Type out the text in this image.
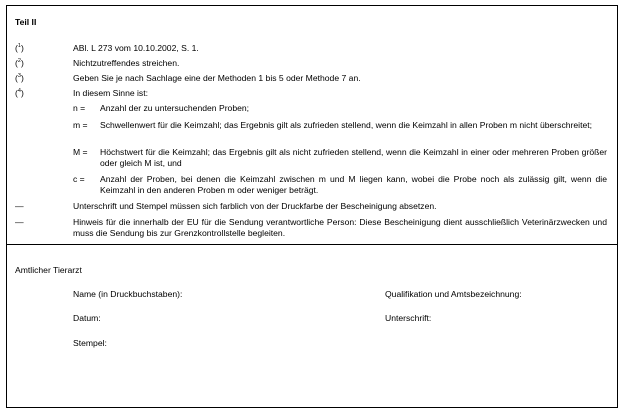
Teil II
($^1$)	ABl. L 273 vom 10.10.2002, S. 1.
($^2$)	Nichtzutreffendes streichen.
($^3$)	Geben Sie je nach Sachlage eine der Methoden 1 bis 5 oder Methode 7 an.
($^4$)	In diesem Sinne ist:
n =	Anzahl der zu untersuchenden Proben;
m =	Schwellenwert für die Keimzahl; das Ergebnis gilt als zufrieden stellend, wenn die Keimzahl in allen Proben m nicht überschreitet;
M =	Höchstwert für die Keimzahl; das Ergebnis gilt als nicht zufrieden stellend, wenn die Keimzahl in einer oder mehreren Proben größer oder gleich M ist, und
c =	Anzahl der Proben, bei denen die Keimzahl zwischen m und M liegen kann, wobei die Probe noch als zulässig gilt, wenn die Keimzahl in den anderen Proben m oder weniger beträgt.
—	Unterschrift und Stempel müssen sich farblich von der Druckfarbe der Bescheinigung absetzen.
—	Hinweis für die innerhalb der EU für die Sendung verantwortliche Person: Diese Bescheinigung dient ausschließlich Veterinärzwecken und muss die Sendung bis zur Grenzkontrollstelle begleiten.
Amtlicher Tierarzt
Name (in Druckbuchstaben):	Qualifikation und Amtsbezeichnung:
Datum:	Unterschrift:
Stempel:
